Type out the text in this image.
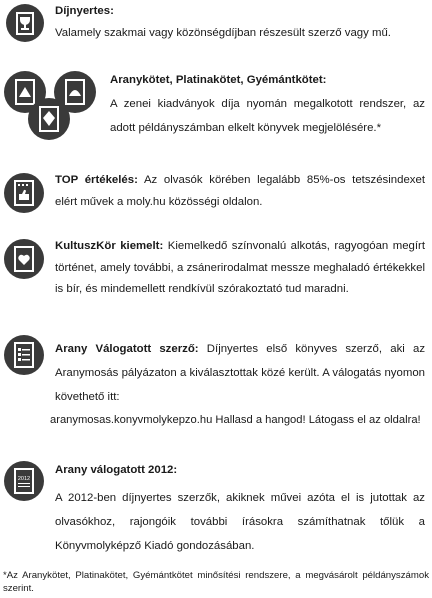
Díjnyertes:

Valamely szakmai vagy közönségdíjban részesült szerző vagy mű.

Aranykötet, Platinakötet, Gyémántkötet:

A zenei kiadványok díja nyomán megalkotott rendszer, az adott példányszámban elkelt könyvek megjelölésére.*

TOP értékelés: Az olvasók körében legalább 85%-os tetszésindexet elért művek a moly.hu közösségi oldalon.

KultuszKör kiemelt: Kiemelkedő színvonalú alkotás, ragyogóan megírt történet, amely további, a zsánerirodalmat messze meghaladó értékekkel is bír, és mindemellett rendkívül szórakoztató tud maradni.

Arany Válogatott szerző: Díjnyertes első könyves szerző, aki az Aranymosás pályázaton a kiválasztottak közé került. A válogatás nyomon követhető itt:

aranymosas.konyvmolykepzo.hu Hallasd a hangod! Látogass el az oldalra!
2012

Arany válogatott 2012:

A 2012-ben díjnyertes szerzők, akiknek művei azóta el is jutottak az olvasókhoz, rajongóik további írásokra számíthatnak tőlük a Könyvmolyképző Kiadó gondozásában.

*Az Aranykötet, Platinakötet, Gyémántkötet minősítési rendszere, a megvásárolt példányszámok szerint.
